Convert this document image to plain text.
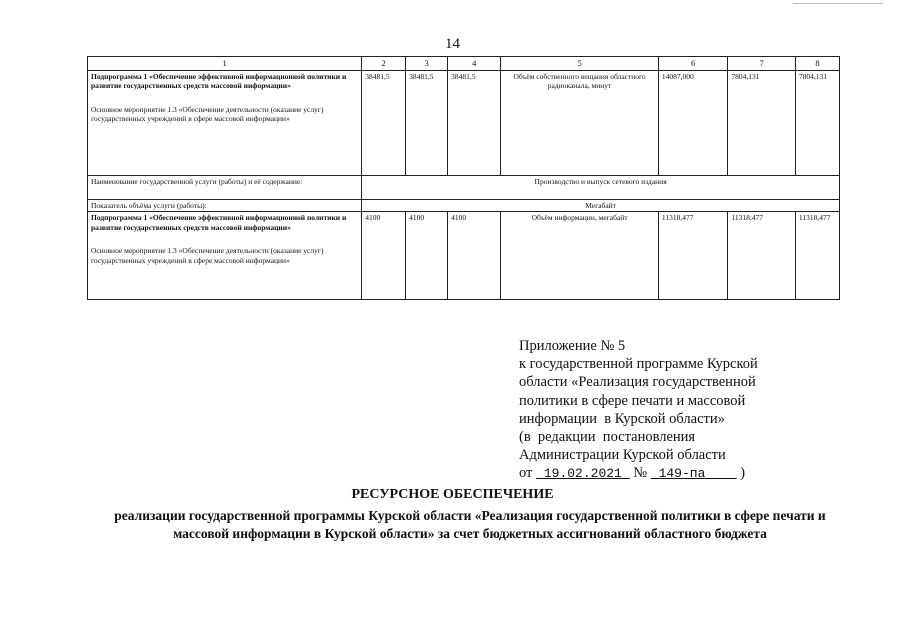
14
1	2	3	4	5	6	7	8

Подпрограмма 1 «Обеспечение эффективной информационной политики и развитие государственных средств массовой информации»
Основное мероприятие 1.3 «Обеспечение деятельности (оказание услуг) государственных учреждений в сфере массовой информации»	38481,5	38481,5	38481,5	Объём собственного вещания областного радиоканала, минут	14087,000	7804,131	7804,131
Наименование государственной услуги (работы) и её содержание:	Производство и выпуск сетевого издания						
Показатель объёма услуги (работы):	Мегабайт						

Подпрограмма 1 «Обеспечение эффективной информационной политики и развитие государственных средств массовой информации»
Основное мероприятие 1.3 «Обеспечение деятельности (оказание услуг) государственных учреждений в сфере массовой информации»	4100	4100	4100	Объём информации, мегабайт	11318,477	11318,477	11318,477
Приложение № 5
к государственной программе Курской
области «Реализация государственной
политики в сфере печати и массовой
информации  в Курской области»
(в  редакции  постановления
Администрации Курской области
от 19.02.2021 № 149-па )
РЕСУРСНОЕ ОБЕСПЕЧЕНИЕ
реализации государственной программы Курской области «Реализация государственной политики в сфере печати и
массовой информации в Курской области» за счет бюджетных ассигнований областного бюджета
